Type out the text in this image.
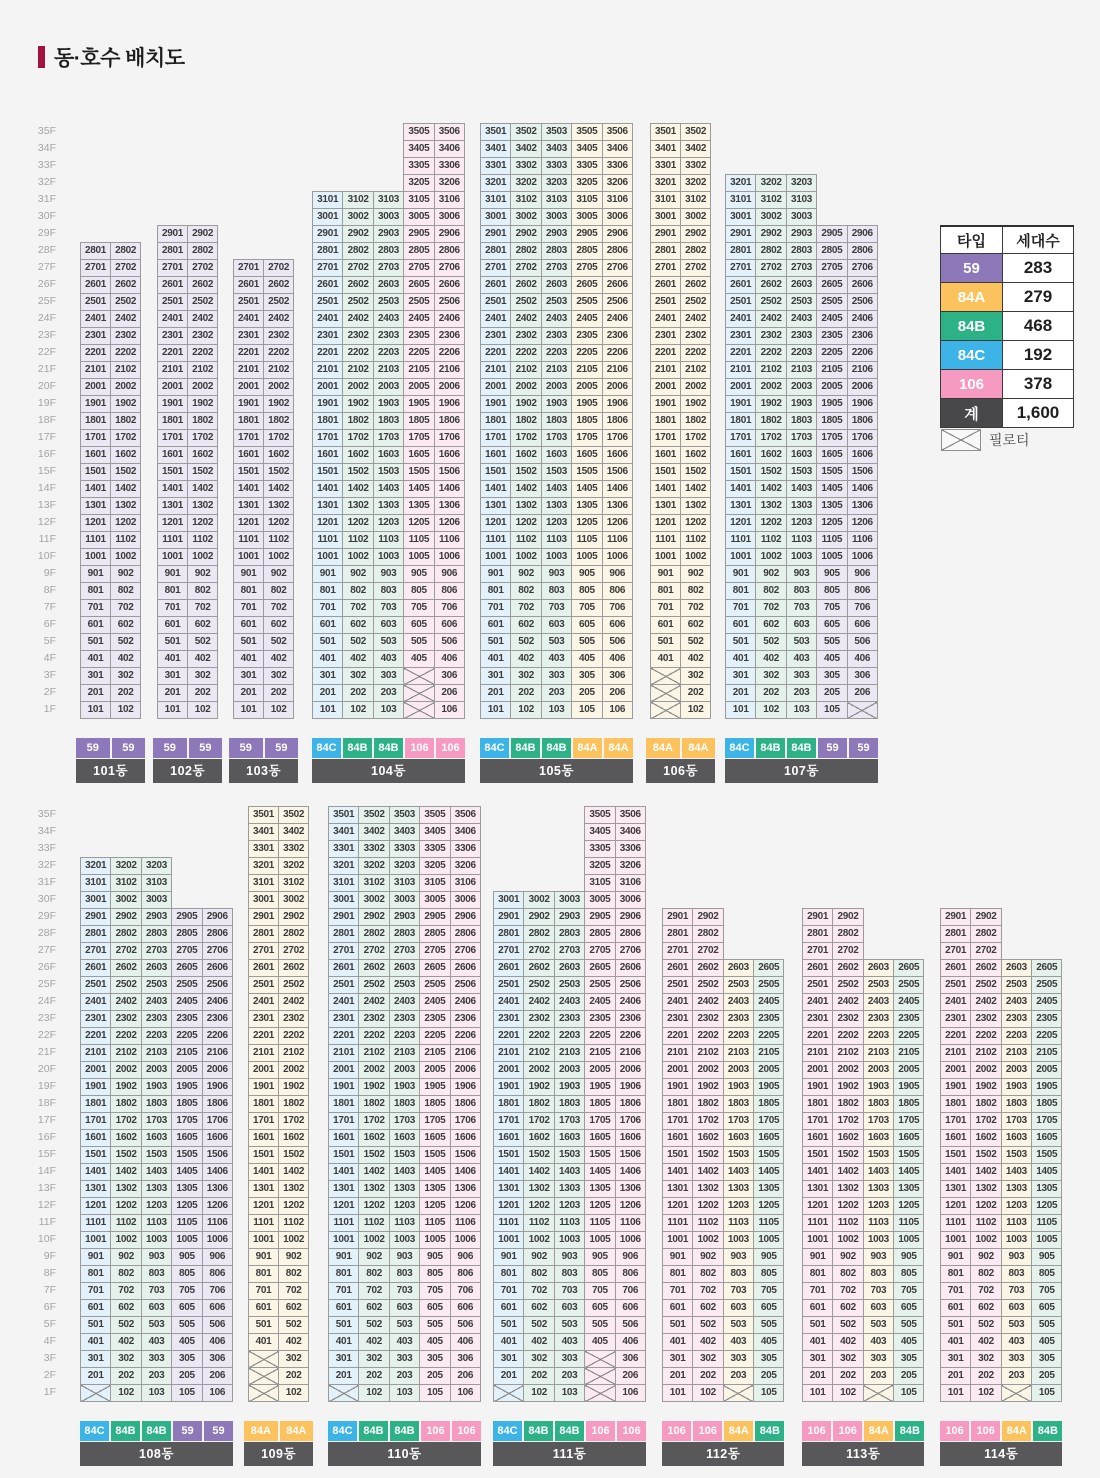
동·호수 배치도
35F
34F
33F
32F
31F
30F
29F
28F
27F
26F
25F
24F
23F
22F
21F
20F
19F
18F
17F
16F
15F
14F
13F
12F
11F
10F
9F
8F
7F
6F
5F
4F
3F
2F
1F
2801	2802
2701	2702
2601	2602
2501	2502
2401	2402
2301	2302
2201	2202
2101	2102
2001	2002
1901	1902
1801	1802
1701	1702
1601	1602
1501	1502
1401	1402
1301	1302
1201	1202
1101	1102
1001	1002
901	902
801	802
701	702
601	602
501	502
401	402
301	302
201	202
101	102
59	59
101동
2901	2902
2801	2802
2701	2702
2601	2602
2501	2502
2401	2402
2301	2302
2201	2202
2101	2102
2001	2002
1901	1902
1801	1802
1701	1702
1601	1602
1501	1502
1401	1402
1301	1302
1201	1202
1101	1102
1001	1002
901	902
801	802
701	702
601	602
501	502
401	402
301	302
201	202
101	102
59	59
102동
2701	2702
2601	2602
2501	2502
2401	2402
2301	2302
2201	2202
2101	2102
2001	2002
1901	1902
1801	1802
1701	1702
1601	1602
1501	1502
1401	1402
1301	1302
1201	1202
1101	1102
1001	1002
901	902
801	802
701	702
601	602
501	502
401	402
301	302
201	202
101	102
59	59
103동
			3505	3506
			3405	3406
			3305	3306
			3205	3206
3101	3102	3103	3105	3106
3001	3002	3003	3005	3006
2901	2902	2903	2905	2906
2801	2802	2803	2805	2806
2701	2702	2703	2705	2706
2601	2602	2603	2605	2606
2501	2502	2503	2505	2506
2401	2402	2403	2405	2406
2301	2302	2303	2305	2306
2201	2202	2203	2205	2206
2101	2102	2103	2105	2106
2001	2002	2003	2005	2006
1901	1902	1903	1905	1906
1801	1802	1803	1805	1806
1701	1702	1703	1705	1706
1601	1602	1603	1605	1606
1501	1502	1503	1505	1506
1401	1402	1403	1405	1406
1301	1302	1303	1305	1306
1201	1202	1203	1205	1206
1101	1102	1103	1105	1106
1001	1002	1003	1005	1006
901	902	903	905	906
801	802	803	805	806
701	702	703	705	706
601	602	603	605	606
501	502	503	505	506
401	402	403	405	406
301	302	303		306
201	202	203		206
101	102	103		106
84C 84B 84B	106	106
104동
3501	3502	3503	3505	3506
3401	3402	3403	3405	3406
3301	3302	3303	3305	3306
3201	3202	3203	3205	3206
3101	3102	3103	3105	3106
3001	3002	3003	3005	3006
2901	2902	2903	2905	2906
2801	2802	2803	2805	2806
2701	2702	2703	2705	2706
2601	2602	2603	2605	2606
2501	2502	2503	2505	2506
2401	2402	2403	2405	2406
2301	2302	2303	2305	2306
2201	2202	2203	2205	2206
2101	2102	2103	2105	2106
2001	2002	2003	2005	2006
1901	1902	1903	1905	1906
1801	1802	1803	1805	1806
1701	1702	1703	1705	1706
1601	1602	1603	1605	1606
1501	1502	1503	1505	1506
1401	1402	1403	1405	1406
1301	1302	1303	1305	1306
1201	1202	1203	1205	1206
1101	1102	1103	1105	1106
1001	1002	1003	1005	1006
901	902	903	905	906
801	802	803	805	806
701	702	703	705	706
601	602	603	605	606
501	502	503	505	506
401	402	403	405	406
301	302	303	305	306
201	202	203	205	206
101	102	103	105	106
84C 84B 84B 84A 84A
105동
3501	3502
3401	3402
3301	3302
3201	3202
3101	3102
3001	3002
2901	2902
2801	2802
2701	2702
2601	2602
2501	2502
2401	2402
2301	2302
2201	2202
2101	2102
2001	2002
1901	1902
1801	1802
1701	1702
1601	1602
1501	1502
1401	1402
1301	1302
1201	1202
1101	1102
1001	1002
901	902
801	802
701	702
601	602
501	502
401	402
	302
	202
	102
84A	84A
106동
3201	3202	3203		
3101	3102	3103		
3001	3002	3003		
2901	2902	2903	2905	2906
2801	2802	2803	2805	2806
2701	2702	2703	2705	2706
2601	2602	2603	2605	2606
2501	2502	2503	2505	2506
2401	2402	2403	2405	2406
2301	2302	2303	2305	2306
2201	2202	2203	2205	2206
2101	2102	2103	2105	2106
2001	2002	2003	2005	2006
1901	1902	1903	1905	1906
1801	1802	1803	1805	1806
1701	1702	1703	1705	1706
1601	1602	1603	1605	1606
1501	1502	1503	1505	1506
1401	1402	1403	1405	1406
1301	1302	1303	1305	1306
1201	1202	1203	1205	1206
1101	1102	1103	1105	1106
1001	1002	1003	1005	1006
901	902	903	905	906
801	802	803	805	806
701	702	703	705	706
601	602	603	605	606
501	502	503	505	506
401	402	403	405	406
301	302	303	305	306
201	202	203	205	206
101	102	103	105	
84C 84B 84B	59	59
107동
35F
34F
33F
32F
31F
30F
29F
28F
27F
26F
25F
24F
23F
22F
21F
20F
19F
18F
17F
16F
15F
14F
13F
12F
11F
10F
9F
8F
7F
6F
5F
4F
3F
2F
1F
3201	3202	3203		
3101	3102	3103		
3001	3002	3003		
2901	2902	2903	2905	2906
2801	2802	2803	2805	2806
2701	2702	2703	2705	2706
2601	2602	2603	2605	2606
2501	2502	2503	2505	2506
2401	2402	2403	2405	2406
2301	2302	2303	2305	2306
2201	2202	2203	2205	2206
2101	2102	2103	2105	2106
2001	2002	2003	2005	2006
1901	1902	1903	1905	1906
1801	1802	1803	1805	1806
1701	1702	1703	1705	1706
1601	1602	1603	1605	1606
1501	1502	1503	1505	1506
1401	1402	1403	1405	1406
1301	1302	1303	1305	1306
1201	1202	1203	1205	1206
1101	1102	1103	1105	1106
1001	1002	1003	1005	1006
901	902	903	905	906
801	802	803	805	806
701	702	703	705	706
601	602	603	605	606
501	502	503	505	506
401	402	403	405	406
301	302	303	305	306
201	202	203	205	206
	102	103	105	106
84C 84B 84B	59	59
108동
3501	3502
3401	3402
3301	3302
3201	3202
3101	3102
3001	3002
2901	2902
2801	2802
2701	2702
2601	2602
2501	2502
2401	2402
2301	2302
2201	2202
2101	2102
2001	2002
1901	1902
1801	1802
1701	1702
1601	1602
1501	1502
1401	1402
1301	1302
1201	1202
1101	1102
1001	1002
901	902
801	802
701	702
601	602
501	502
401	402
	302
	202
	102
84A	84A
109동
3501	3502	3503	3505	3506
3401	3402	3403	3405	3406
3301	3302	3303	3305	3306
3201	3202	3203	3205	3206
3101	3102	3103	3105	3106
3001	3002	3003	3005	3006
2901	2902	2903	2905	2906
2801	2802	2803	2805	2806
2701	2702	2703	2705	2706
2601	2602	2603	2605	2606
2501	2502	2503	2505	2506
2401	2402	2403	2405	2406
2301	2302	2303	2305	2306
2201	2202	2203	2205	2206
2101	2102	2103	2105	2106
2001	2002	2003	2005	2006
1901	1902	1903	1905	1906
1801	1802	1803	1805	1806
1701	1702	1703	1705	1706
1601	1602	1603	1605	1606
1501	1502	1503	1505	1506
1401	1402	1403	1405	1406
1301	1302	1303	1305	1306
1201	1202	1203	1205	1206
1101	1102	1103	1105	1106
1001	1002	1003	1005	1006
901	902	903	905	906
801	802	803	805	806
701	702	703	705	706
601	602	603	605	606
501	502	503	505	506
401	402	403	405	406
301	302	303	305	306
201	202	203	205	206
	102	103	105	106
84C 84B 84B	106	106
110동
			3505	3506
			3405	3406
			3305	3306
			3205	3206
			3105	3106
3001	3002	3003	3005	3006
2901	2902	2903	2905	2906
2801	2802	2803	2805	2806
2701	2702	2703	2705	2706
2601	2602	2603	2605	2606
2501	2502	2503	2505	2506
2401	2402	2403	2405	2406
2301	2302	2303	2305	2306
2201	2202	2203	2205	2206
2101	2102	2103	2105	2106
2001	2002	2003	2005	2006
1901	1902	1903	1905	1906
1801	1802	1803	1805	1806
1701	1702	1703	1705	1706
1601	1602	1603	1605	1606
1501	1502	1503	1505	1506
1401	1402	1403	1405	1406
1301	1302	1303	1305	1306
1201	1202	1203	1205	1206
1101	1102	1103	1105	1106
1001	1002	1003	1005	1006
901	902	903	905	906
801	802	803	805	806
701	702	703	705	706
601	602	603	605	606
501	502	503	505	506
401	402	403	405	406
301	302	303		306
201	202	203		206
	102	103		106
84C 84B 84B	106	106
111동
2901	2902		
2801	2802		
2701	2702		
2601	2602	2603	2605
2501	2502	2503	2505
2401	2402	2403	2405
2301	2302	2303	2305
2201	2202	2203	2205
2101	2102	2103	2105
2001	2002	2003	2005
1901	1902	1903	1905
1801	1802	1803	1805
1701	1702	1703	1705
1601	1602	1603	1605
1501	1502	1503	1505
1401	1402	1403	1405
1301	1302	1303	1305
1201	1202	1203	1205
1101	1102	1103	1105
1001	1002	1003	1005
901	902	903	905
801	802	803	805
701	702	703	705
601	602	603	605
501	502	503	505
401	402	403	405
301	302	303	305
201	202	203	205
101	102		105
106	106	84A 84B
112동
2901	2902		
2801	2802		
2701	2702		
2601	2602	2603	2605
2501	2502	2503	2505
2401	2402	2403	2405
2301	2302	2303	2305
2201	2202	2203	2205
2101	2102	2103	2105
2001	2002	2003	2005
1901	1902	1903	1905
1801	1802	1803	1805
1701	1702	1703	1705
1601	1602	1603	1605
1501	1502	1503	1505
1401	1402	1403	1405
1301	1302	1303	1305
1201	1202	1203	1205
1101	1102	1103	1105
1001	1002	1003	1005
901	902	903	905
801	802	803	805
701	702	703	705
601	602	603	605
501	502	503	505
401	402	403	405
301	302	303	305
201	202	203	205
101	102		105
106	106	84A 84B
113동
2901	2902		
2801	2802		
2701	2702		
2601	2602	2603	2605
2501	2502	2503	2505
2401	2402	2403	2405
2301	2302	2303	2305
2201	2202	2203	2205
2101	2102	2103	2105
2001	2002	2003	2005
1901	1902	1903	1905
1801	1802	1803	1805
1701	1702	1703	1705
1601	1602	1603	1605
1501	1502	1503	1505
1401	1402	1403	1405
1301	1302	1303	1305
1201	1202	1203	1205
1101	1102	1103	1105
1001	1002	1003	1005
901	902	903	905
801	802	803	805
701	702	703	705
601	602	603	605
501	502	503	505
401	402	403	405
301	302	303	305
201	202	203	205
101	102		105
106	106	84A 84B
114동
타입	세대수
59	283
84A	279
84B	468
84C	192
106	378
계	1,600
필로티
